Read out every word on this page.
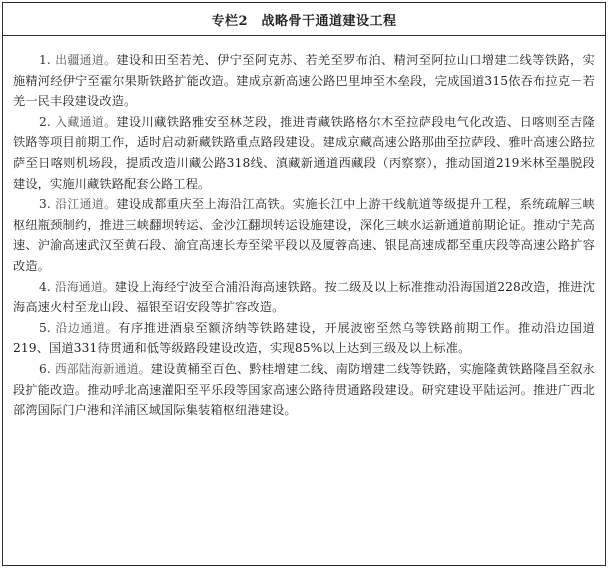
专栏2　战略骨干通道建设工程

1. 出疆通道。建设和田至若羌、伊宁至阿克苏、若羌至罗布泊、精河至阿拉山口增建二线等铁路，实施精河经伊宁至霍尔果斯铁路扩能改造。建成京新高速公路巴里坤至木垒段，完成国道315依吞布拉克－若羌一民丰段建设改造。

2. 入藏通道。建设川藏铁路雅安至林芝段，推进青藏铁路格尔木至拉萨段电气化改造、日喀则至吉隆铁路等项目前期工作，适时启动新藏铁路重点路段建设。建成京藏高速公路那曲至拉萨段、雅叶高速公路拉萨至日喀则机场段，提质改造川藏公路318线、滇藏新通道西藏段（丙察察），推动国道219米林至墨脱段建设，实施川藏铁路配套公路工程。

3. 沿江通道。建设成都重庆至上海沿江高铁。实施长江中上游干线航道等级提升工程，系统疏解三峡枢纽瓶颈制约，推进三峡翻坝转运、金沙江翻坝转运设施建设，深化三峡水运新通道前期论证。推动宁芜高速、沪渝高速武汉至黄石段、渝宜高速长寿至梁平段以及厦蓉高速、银昆高速成都至重庆段等高速公路扩容改造。

4. 沿海通道。建设上海经宁波至合浦沿海高速铁路。按二级及以上标准推动沿海国道228改造，推进沈海高速火村至龙山段、福银至诏安段等扩容改造。

5. 沿边通道。有序推进酒泉至额济纳等铁路建设，开展波密至然乌等铁路前期工作。推动沿边国道219、国道331待贯通和低等级路段建设改造，实现85%以上达到三级及以上标准。

6. 西部陆海新通道。建设黄桶至百色、黔桂增建二线、南防增建二线等铁路，实施隆黄铁路隆昌至叙永段扩能改造。推动呼北高速灌阳至平乐段等国家高速公路待贯通路段建设。研究建设平陆运河。推进广西北部湾国际门户港和洋浦区域国际集装箱枢纽港建设。
